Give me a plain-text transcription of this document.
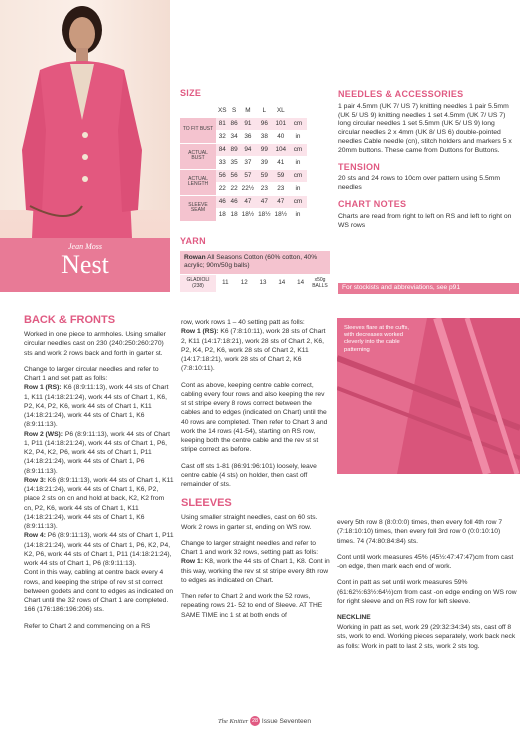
Jean Moss
Nest
SIZE
	XS	S	M	L	XL	
TO FIT BUST	81	86	91	96	101	cm
	32	34	36	38	40	in
ACTUAL BUST	84	89	94	99	104	cm
	33	35	37	39	41	in
ACTUAL LENGTH	56	56	57	59	59	cm
	22	22	22½	23	23	in
SLEEVE SEAM	46	46	47	47	47	cm
	18	18	18½	18½	18½	in
YARN
Rowan All Seasons Cotton (60% cotton, 40% acrylic; 90m/50g balls)
GLADIOLI (238)
11	12	13	14	14	x50g BALLS
NEEDLES & ACCESSORIES

1 pair 4.5mm (UK 7/ US 7) knitting needles 1 pair 5.5mm (UK 5/ US 9) knitting needles 1 set 4.5mm (UK 7/ US 7) long circular needles 1 set 5.5mm (UK 5/ US 9) long circular needles 2 x 4mm (UK 8/ US 6) double-pointed needles Cable needle (cn), stitch holders and markers 5 x 20mm buttons. These came from Duttons for Buttons.

TENSION

20 sts and 24 rows to 10cm over pattern using 5.5mm needles

CHART NOTES

Charts are read from right to left on RS and left to right on WS rows

For stockists and abbreviations, see p91
BACK & FRONTS

Worked in one piece to armholes. Using smaller circular needles cast on 230 (240:250:260:270) sts and work 2 rows back and forth in garter st.

Change to larger circular needles and refer to Chart 1 and set patt as folls:

Row 1 (RS): K6 (8:9:11:13), work 44 sts of Chart 1, K11 (14:18:21:24), work 44 sts of Chart 1, K6, P2, K4, P2, K6, work 44 sts of Chart 1, K11 (14:18:21:24), work 44 sts of Chart 1, K6 (8:9:11:13).

Row 2 (WS): P6 (8:9:11:13), work 44 sts of Chart 1, P11 (14:18:21:24), work 44 sts of Chart 1, P6, K2, P4, K2, P6, work 44 sts of Chart 1, P11 (14:18:21:24), work 44 sts of Chart 1, P6 (8:9:11:13).

Row 3: K6 (8:9:11:13), work 44 sts of Chart 1, K11 (14:18:21:24), work 44 sts of Chart 1, K6, P2, place 2 sts on cn and hold at back, K2, K2 from cn, P2, K6, work 44 sts of Chart 1, K11 (14:18:21:24), work 44 sts of Chart 1, K6 (8:9:11:13).

Row 4: P6 (8:9:11:13), work 44 sts of Chart 1, P11 (14:18:21:24), work 44 sts of Chart 1, P6, K2, P4, K2, P6, work 44 sts of Chart 1, P11 (14:18:21:24), work 44 sts of Chart 1, P6 (8:9:11:13).

Cont in this way, cabling at centre back every 4 rows, and keeping the stripe of rev st st correct between godets and cont to edges as indicated on Chart until the 32 rows of Chart 1 are completed. 166 (176:186:196:206) sts.

Refer to Chart 2 and commencing on a RS

row, work rows 1 – 40 setting patt as folls:

Row 1 (RS): K6 (7:8:10:11), work 28 sts of Chart 2, K11 (14:17:18:21), work 28 sts of Chart 2, K6, P2, K4, P2, K6, work 28 sts of Chart 2, K11 (14:17:18:21), work 28 sts of Chart 2, K6 (7:8:10:11).

Cont as above, keeping centre cable correct, cabling every four rows and also keeping the rev st st stripe every 8 rows correct between the cables and to edges (indicated on Chart) until the 40 rows are completed. Then refer to Chart 3 and work the 14 rows (41-54), starting on RS row, keeping both the centre cable and the rev st st stripe correct as before.

Cast off sts 1-81 (86:91:96:101) loosely, leave centre cable (4 sts) on holder, then cast off remainder of sts.

SLEEVES

Using smaller straight needles, cast on 60 sts. Work 2 rows in garter st, ending on WS row.

Change to larger straight needles and refer to Chart 1 and work 32 rows, setting patt as folls:

Row 1: K8, work the 44 sts of Chart 1, K8. Cont in this way, working the rev st st stripe every 8th row to edges as indicated on Chart.

Then refer to Chart 2 and work the 52 rows, repeating rows 21- 52 to end of Sleeve. AT THE SAME TIME inc 1 st at both ends of

Sleeves flare at the cuffs, with decreases worked cleverly into the cable patterning

every 5th row 8 (8:0:0:0) times, then every foll 4th row 7 (7:18:10:10) times, then every foll 3rd row 0 (0:0:10:10) times. 74 (74:80:84:84) sts.

Cont until work measures 45% (45½:47:47:47)cm from cast -on edge, then mark each end of work.

Cont in patt as set until work measures 59% (61:62½:63½:64½)cm from cast -on edge ending on WS row for right sleeve and on RS row for left sleeve.

NECKLINE

Working in patt as set, work 29 (29:32:34:34) sts, cast off 8 sts, work to end. Working pieces separately, work back neck as folls: Work in patt to last 2 sts, work 2 sts tog.

The Knitter 28 Issue Seventeen
